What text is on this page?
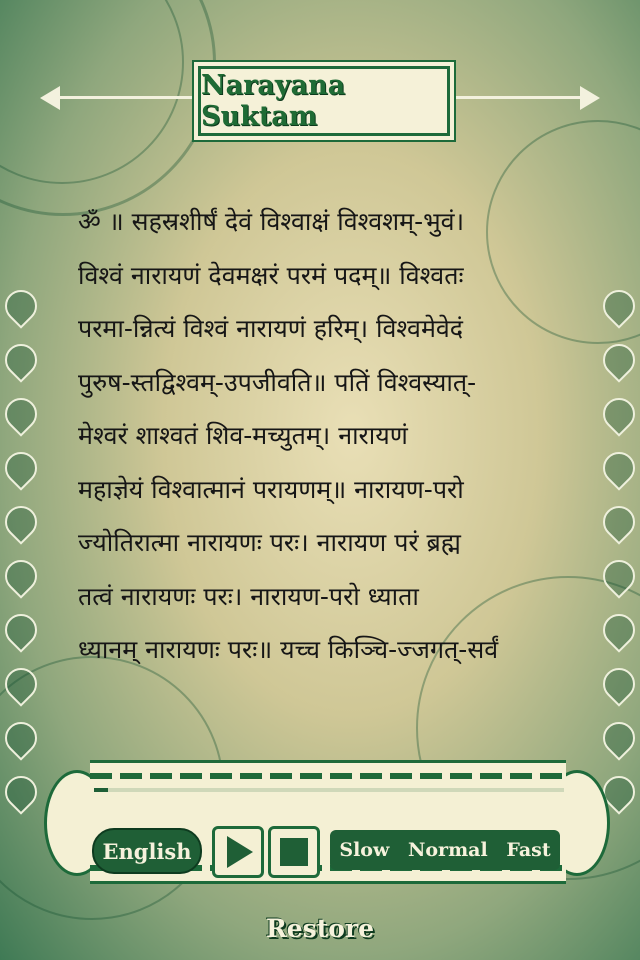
Narayana Suktam
ॐ ॥ सहस्रशीर्षं देवं विश्वाक्षं विश्वशम्-भुवं।
विश्वं नारायणं देवमक्षरं परमं पदम्॥ विश्वतः
परमा-न्नित्यं विश्वं नारायणं हरिम्। विश्वमेवेदं
पुरुष-स्तद्विश्वम्-उपजीवति॥ पतिं विश्वस्यात्-
मेश्वरं शाश्वतं शिव-मच्युतम्। नारायणं
महाज्ञेयं विश्वात्मानं परायणम्॥ नारायण-परो
ज्योतिरात्मा नारायणः परः। नारायण परं ब्रह्म
तत्वं नारायणः परः। नारायण-परो ध्याता
ध्यानम् नारायणः परः॥ यच्च किञ्चि-ज्जगत्-सर्वं
English	Slow Normal Fast
Restore
